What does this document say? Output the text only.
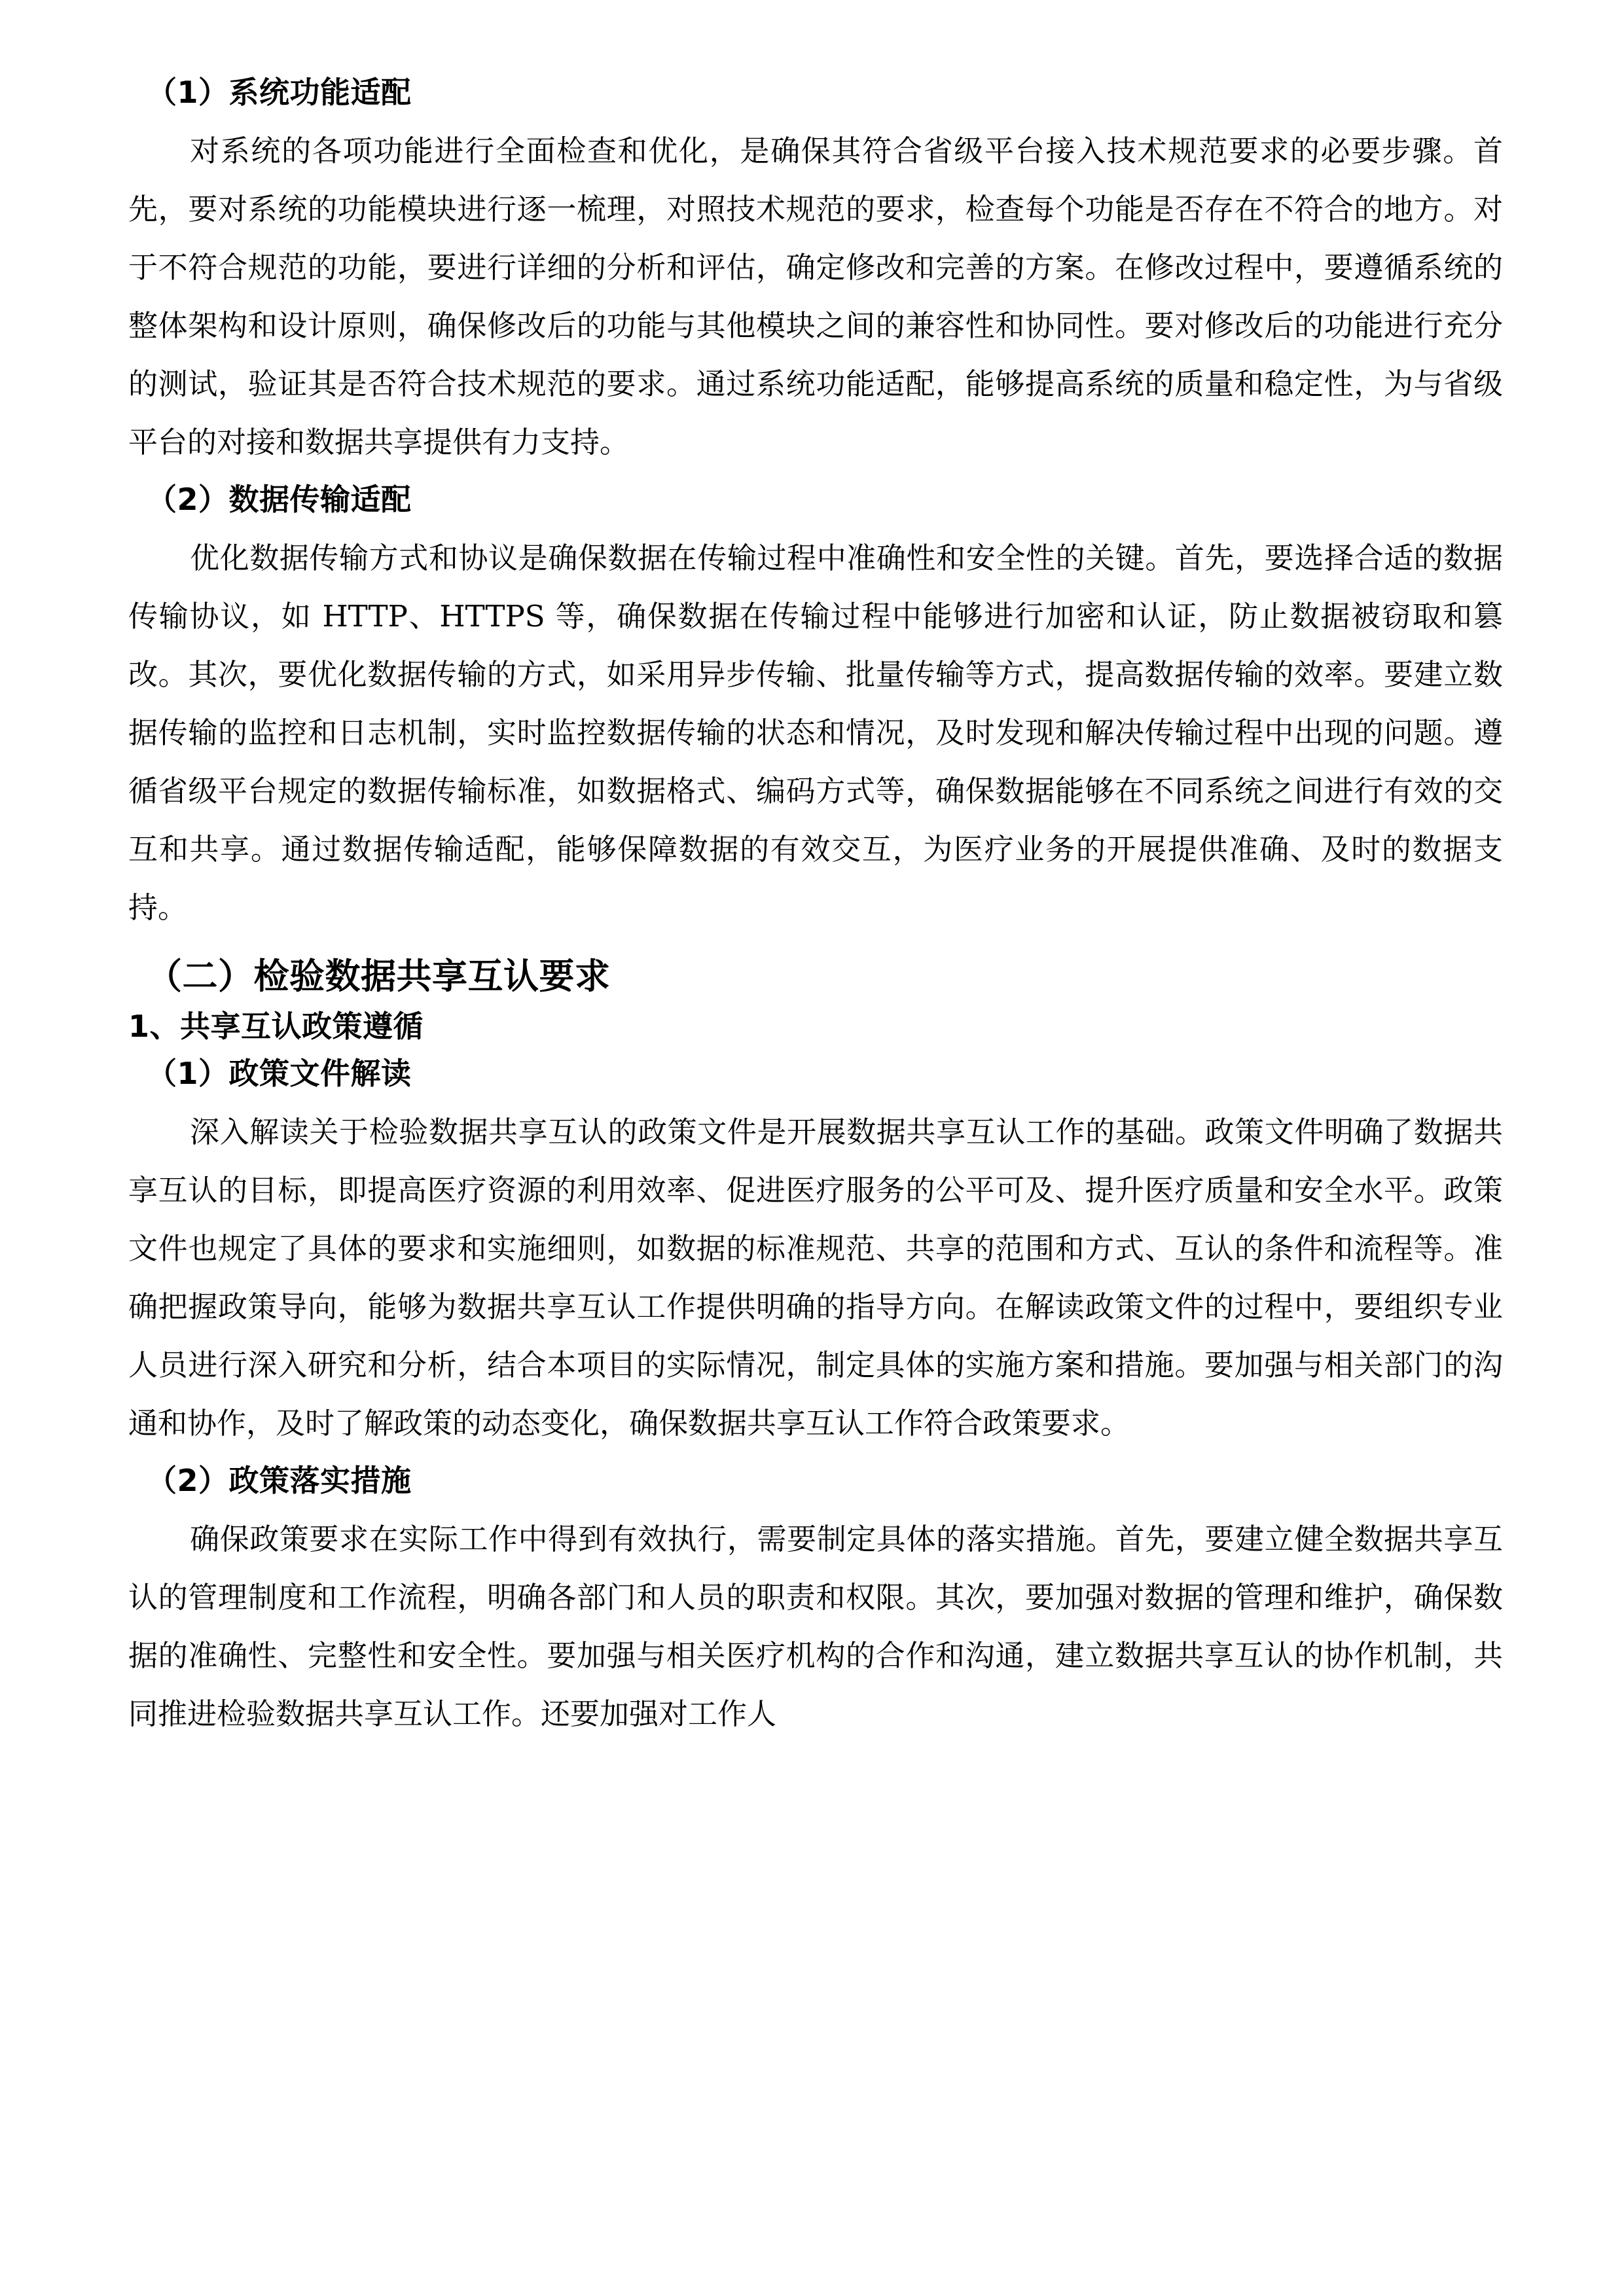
（1）系统功能适配

对系统的各项功能进行全面检查和优化，是确保其符合省级平台接入技术规范要求的必要步骤。首先，要对系统的功能模块进行逐一梳理，对照技术规范的要求，检查每个功能是否存在不符合的地方。对于不符合规范的功能，要进行详细的分析和评估，确定修改和完善的方案。在修改过程中，要遵循系统的整体架构和设计原则，确保修改后的功能与其他模块之间的兼容性和协同性。要对修改后的功能进行充分的测试，验证其是否符合技术规范的要求。通过系统功能适配，能够提高系统的质量和稳定性，为与省级平台的对接和数据共享提供有力支持。

（2）数据传输适配

优化数据传输方式和协议是确保数据在传输过程中准确性和安全性的关键。首先，要选择合适的数据传输协议，如 HTTP、HTTPS 等，确保数据在传输过程中能够进行加密和认证，防止数据被窃取和篡改。其次，要优化数据传输的方式，如采用异步传输、批量传输等方式，提高数据传输的效率。要建立数据传输的监控和日志机制，实时监控数据传输的状态和情况，及时发现和解决传输过程中出现的问题。遵循省级平台规定的数据传输标准，如数据格式、编码方式等，确保数据能够在不同系统之间进行有效的交互和共享。通过数据传输适配，能够保障数据的有效交互，为医疗业务的开展提供准确、及时的数据支持。

（二）检验数据共享互认要求
1、共享互认政策遵循
（1）政策文件解读

深入解读关于检验数据共享互认的政策文件是开展数据共享互认工作的基础。政策文件明确了数据共享互认的目标，即提高医疗资源的利用效率、促进医疗服务的公平可及、提升医疗质量和安全水平。政策文件也规定了具体的要求和实施细则，如数据的标准规范、共享的范围和方式、互认的条件和流程等。准确把握政策导向，能够为数据共享互认工作提供明确的指导方向。在解读政策文件的过程中，要组织专业人员进行深入研究和分析，结合本项目的实际情况，制定具体的实施方案和措施。要加强与相关部门的沟通和协作，及时了解政策的动态变化，确保数据共享互认工作符合政策要求。

（2）政策落实措施

确保政策要求在实际工作中得到有效执行，需要制定具体的落实措施。首先，要建立健全数据共享互认的管理制度和工作流程，明确各部门和人员的职责和权限。其次，要加强对数据的管理和维护，确保数据的准确性、完整性和安全性。要加强与相关医疗机构的合作和沟通，建立数据共享互认的协作机制，共同推进检验数据共享互认工作。还要加强对工作人
